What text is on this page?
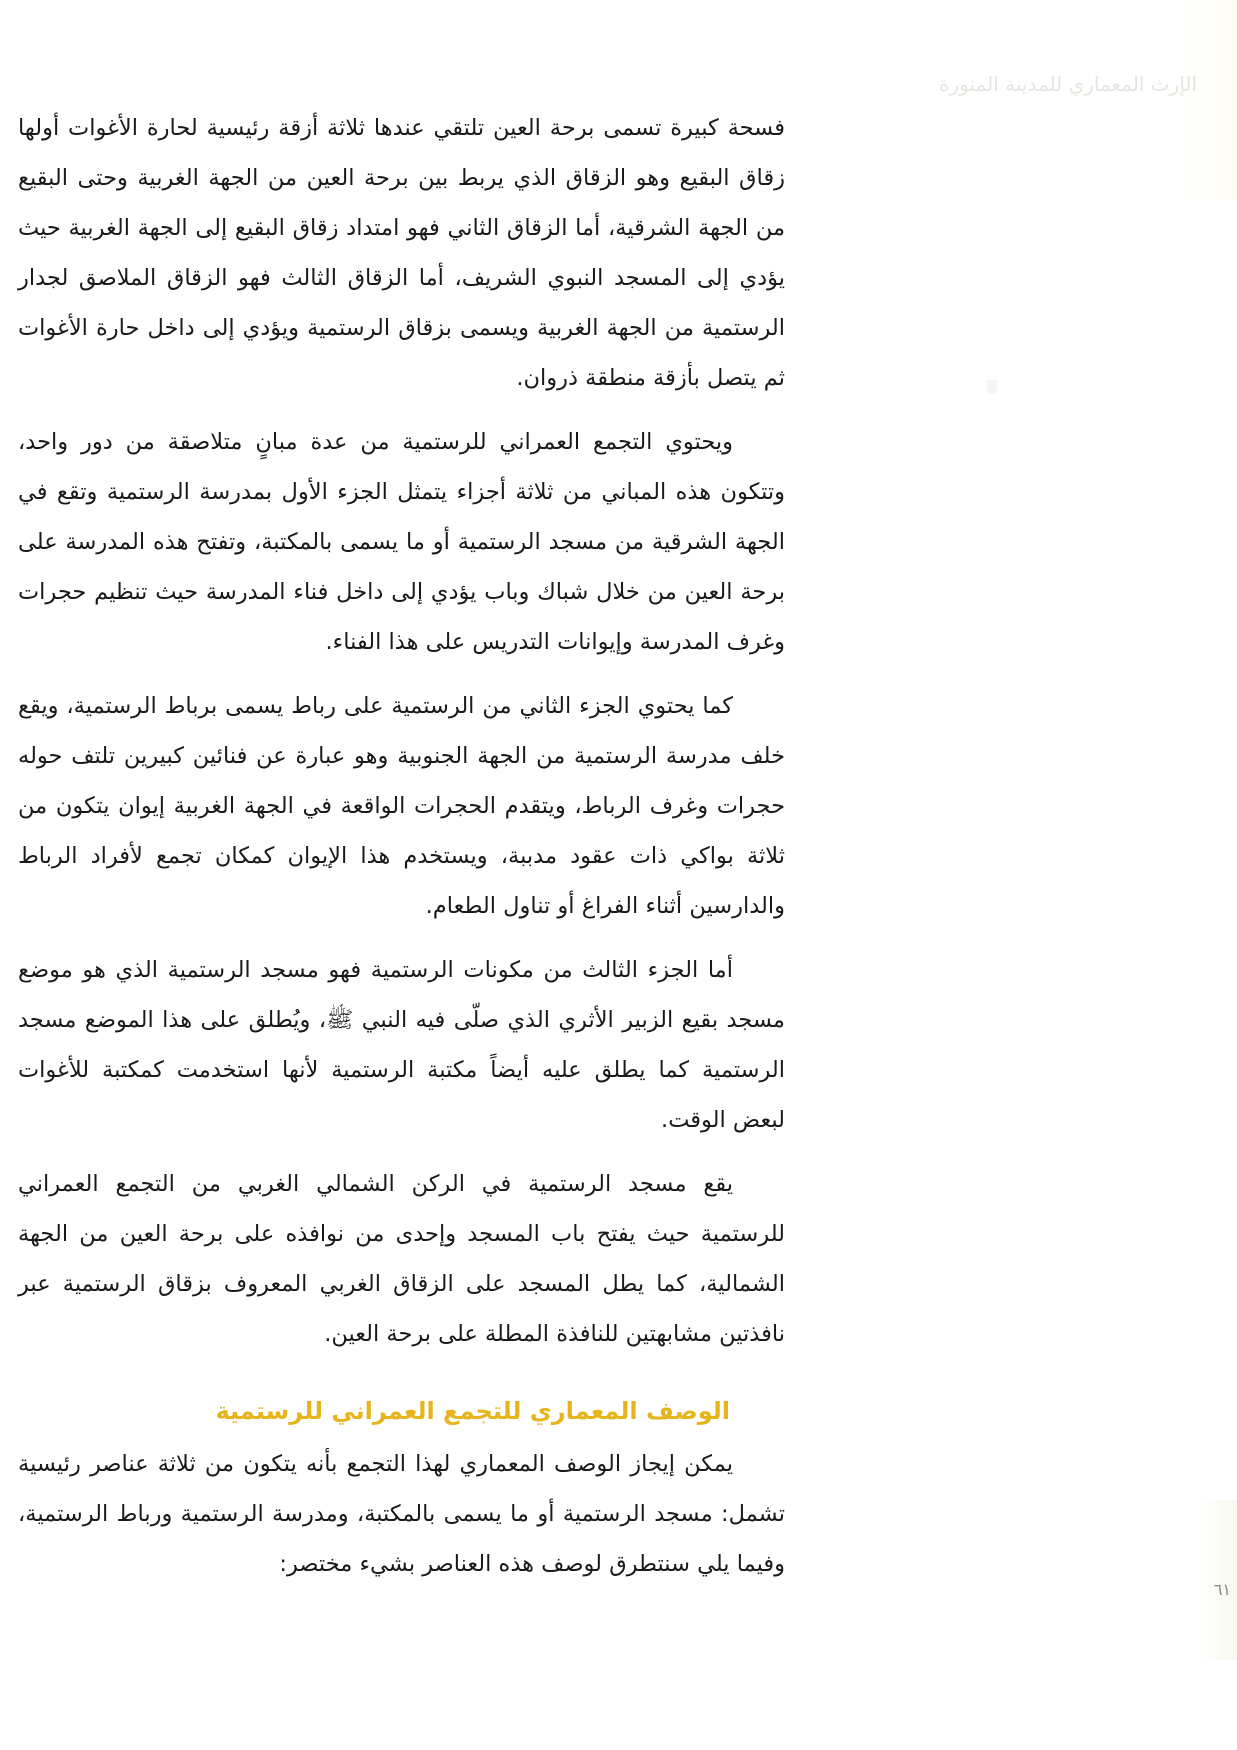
الإرث المعماري للمدينة المنورة

فسحة كبيرة تسمى برحة العين تلتقي عندها ثلاثة أزقة رئيسية لحارة الأغوات أولها زقاق البقيع وهو الزقاق الذي يربط بين برحة العين من الجهة الغربية وحتى البقيع من الجهة الشرقية، أما الزقاق الثاني فهو امتداد زقاق البقيع إلى الجهة الغربية حيث يؤدي إلى المسجد النبوي الشريف، أما الزقاق الثالث فهو الزقاق الملاصق لجدار الرستمية من الجهة الغربية ويسمى بزقاق الرستمية ويؤدي إلى داخل حارة الأغوات ثم يتصل بأزقة منطقة ذروان.

ويحتوي التجمع العمراني للرستمية من عدة مبانٍ متلاصقة من دور واحد، وتتكون هذه المباني من ثلاثة أجزاء يتمثل الجزء الأول بمدرسة الرستمية وتقع في الجهة الشرقية من مسجد الرستمية أو ما يسمى بالمكتبة، وتفتح هذه المدرسة على برحة العين من خلال شباك وباب يؤدي إلى داخل فناء المدرسة حيث تنظيم حجرات وغرف المدرسة وإيوانات التدريس على هذا الفناء.

كما يحتوي الجزء الثاني من الرستمية على رباط يسمى برباط الرستمية، ويقع خلف مدرسة الرستمية من الجهة الجنوبية وهو عبارة عن فنائين كبيرين تلتف حوله حجرات وغرف الرباط، ويتقدم الحجرات الواقعة في الجهة الغربية إيوان يتكون من ثلاثة بواكي ذات عقود مدببة، ويستخدم هذا الإيوان كمكان تجمع لأفراد الرباط والدارسين أثناء الفراغ أو تناول الطعام.

أما الجزء الثالث من مكونات الرستمية فهو مسجد الرستمية الذي هو موضع مسجد بقيع الزبير الأثري الذي صلّى فيه النبي ﷺ، ويُطلق على هذا الموضع مسجد الرستمية كما يطلق عليه أيضاً مكتبة الرستمية لأنها استخدمت كمكتبة للأغوات لبعض الوقت.

يقع مسجد الرستمية في الركن الشمالي الغربي من التجمع العمراني للرستمية حيث يفتح باب المسجد وإحدى من نوافذه على برحة العين من الجهة الشمالية، كما يطل المسجد على الزقاق الغربي المعروف بزقاق الرستمية عبر نافذتين مشابهتين للنافذة المطلة على برحة العين.

الوصف المعماري للتجمع العمراني للرستمية

يمكن إيجاز الوصف المعماري لهذا التجمع بأنه يتكون من ثلاثة عناصر رئيسية تشمل: مسجد الرستمية أو ما يسمى بالمكتبة، ومدرسة الرستمية ورباط الرستمية، وفيما يلي سنتطرق لوصف هذه العناصر بشيء مختصر:

٦١
